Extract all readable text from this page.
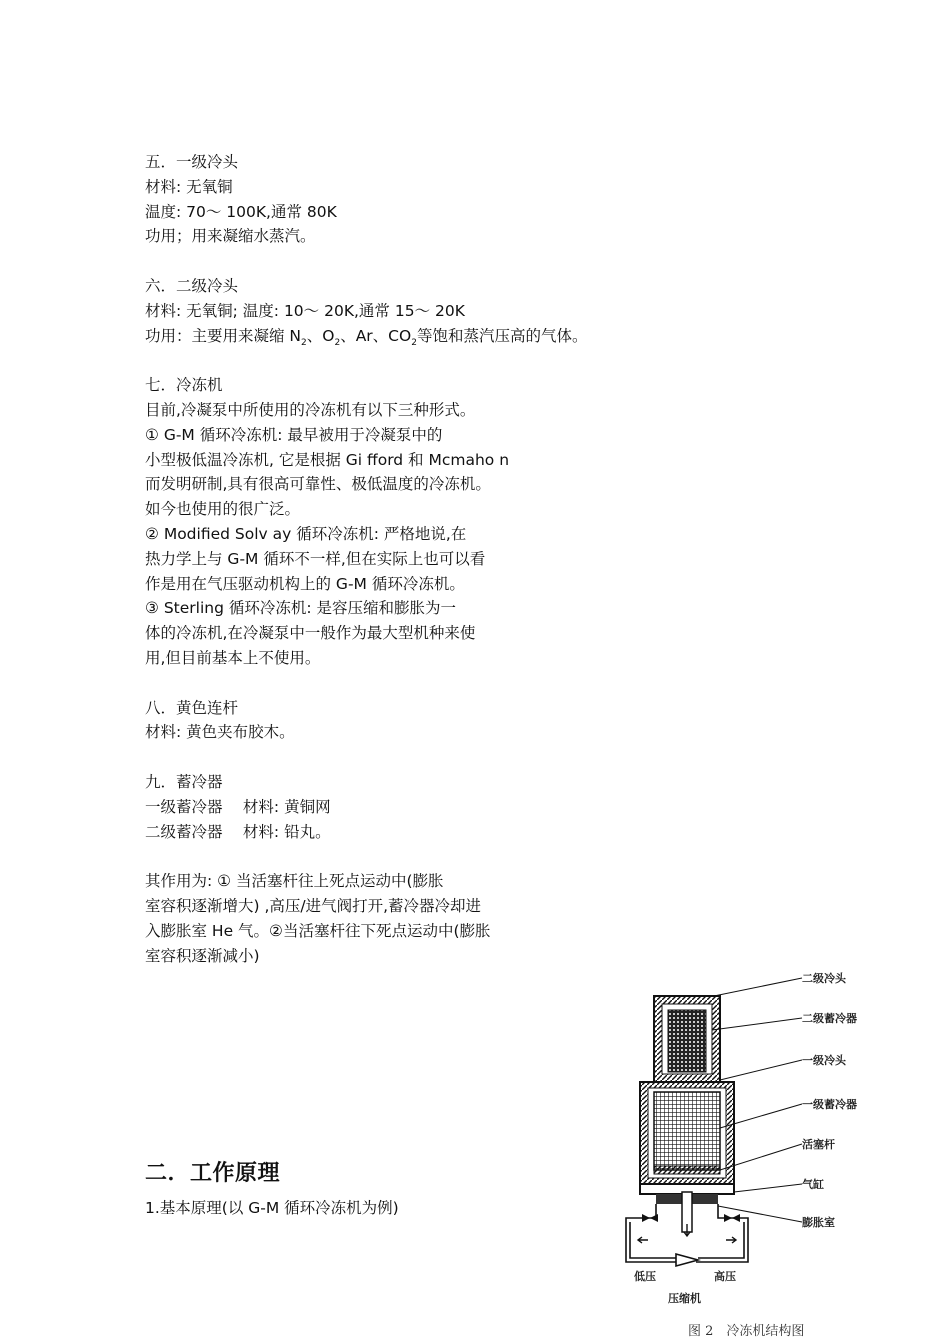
五．一级冷头
材料: 无氧铜
温度: 70～ 100K,通常 80K
功用；用来凝缩水蒸汽。
六．二级冷头
材料: 无氧铜; 温度: 10～ 20K,通常 15～ 20K
功用：主要用来凝缩 $N_2$、$O_2$、Ar、$CO_2$等饱和蒸汽压高的气体。
七．冷冻机
目前,冷凝泵中所使用的冷冻机有以下三种形式。
① G-M 循环冷冻机: 最早被用于冷凝泵中的
小型极低温冷冻机, 它是根据 Gi fford 和 Mcmaho n
而发明研制,具有很高可靠性、极低温度的冷冻机。
如今也使用的很广泛。
② Modified Solv ay 循环冷冻机: 严格地说,在
热力学上与 G-M 循环不一样,但在实际上也可以看
作是用在气压驱动机构上的 G-M 循环冷冻机。
③ Sterling 循环冷冻机: 是容压缩和膨胀为一
体的冷冻机,在冷凝泵中一般作为最大型机种来使
用,但目前基本上不使用。
八．黄色连杆
材料: 黄色夹布胶木。
九．蓄冷器
一级蓄冷器　 材料: 黄铜网
二级蓄冷器　 材料: 铅丸。
其作用为: ① 当活塞杆往上死点运动中(膨胀
室容积逐渐增大) ,高压/进气阀打开,蓄冷器冷却进
入膨胀室 He 气。②当活塞杆往下死点运动中(膨胀
室容积逐渐减小)
二．工作原理
1.基本原理(以 G-M 循环冷冻机为例)
二级冷头
二级蓄冷器
一级冷头
一级蓄冷器
活塞杆
气缸
膨胀室
低压	高压
压缩机
图 2　冷冻机结构图
